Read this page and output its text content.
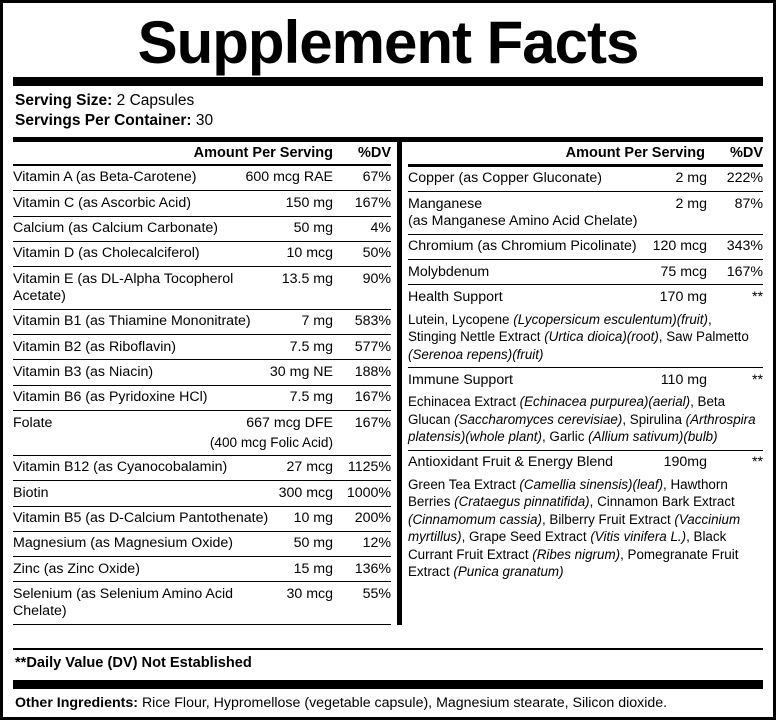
Supplement Facts
Serving Size: 2 Capsules
Servings Per Container: 30
Amount Per Serving	%DV
Vitamin A (as Beta-Carotene)	600 mcg RAE	67%
Vitamin C (as Ascorbic Acid)	150 mg	167%
Calcium (as Calcium Carbonate)	50 mg	4%
Vitamin D (as Cholecalciferol)	10 mcg	50%
Vitamin E (as DL-Alpha Tocopherol Acetate)
13.5 mg	90%
Vitamin B1 (as Thiamine Mononitrate)	7 mg	583%
Vitamin B2 (as Riboflavin)	7.5 mg	577%
Vitamin B3 (as Niacin)	30 mg NE	188%
Vitamin B6 (as Pyridoxine HCl)	7.5 mg	167%
Folate	667 mcg DFE	167%
(400 mcg Folic Acid)
Vitamin B12 (as Cyanocobalamin)	27 mcg	1125%
Biotin	300 mcg 1000%
Vitamin B5 (as D-Calcium Pantothenate)	10 mg	200%
Magnesium (as Magnesium Oxide)	50 mg	12%
Zinc (as Zinc Oxide)	15 mg	136%
Selenium (as Selenium Amino Acid Chelate)
30 mcg	55%
Amount Per Serving	%DV
Copper (as Copper Gluconate)	2 mg	222%
Manganese
(as Manganese Amino Acid Chelate)
2 mg	87%
Chromium (as Chromium Picolinate)	120 mcg	343%
Molybdenum	75 mcg	167%
Health Support	170 mg	**
Lutein, Lycopene (Lycopersicum esculentum)(fruit), Stinging Nettle Extract (Urtica dioica)(root), Saw Palmetto (Serenoa repens)(fruit)
Immune Support	110 mg	**
Echinacea Extract (Echinacea purpurea)(aerial), Beta Glucan (Saccharomyces cerevisiae), Spirulina (Arthrospira platensis)(whole plant), Garlic (Allium sativum)(bulb)
Antioxidant Fruit & Energy Blend	190mg	**
Green Tea Extract (Camellia sinensis)(leaf), Hawthorn Berries (Crataegus pinnatifida), Cinnamon Bark Extract (Cinnamomum cassia), Bilberry Fruit Extract (Vaccinium myrtillus), Grape Seed Extract (Vitis vinifera L.), Black Currant Fruit Extract (Ribes nigrum), Pomegranate Fruit Extract (Punica granatum)
**Daily Value (DV) Not Established
Other Ingredients: Rice Flour, Hypromellose (vegetable capsule), Magnesium stearate, Silicon dioxide.
